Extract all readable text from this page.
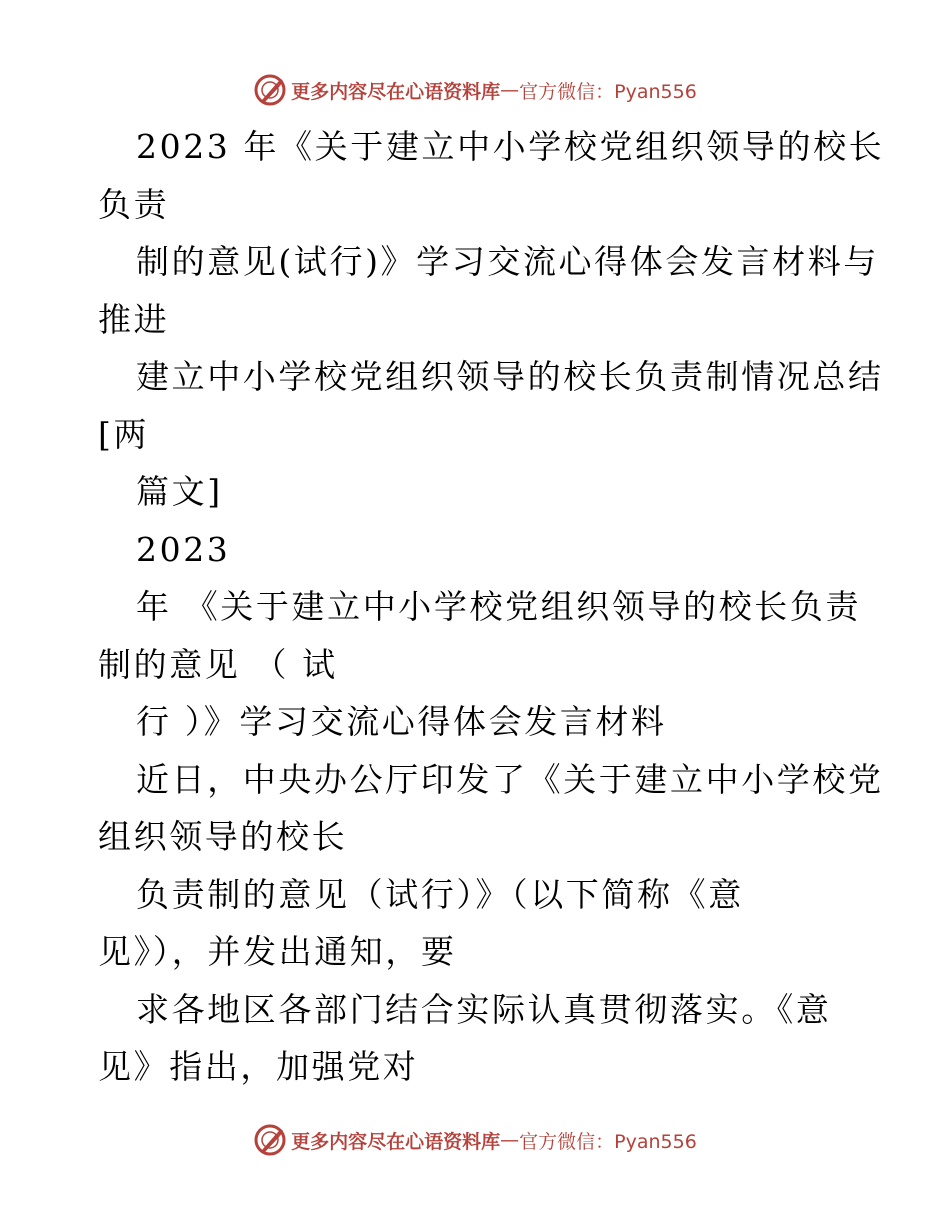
更多内容尽在心语资料库 — 官方微信：Pyan556
2023 年《关于建立中小学校党组织领导的校长
负责
制的意见(试行)》学习交流心得体会发言材料与
推进
建立中小学校党组织领导的校长负责制情况总结
[两
篇文]
2023
年 《关于建立中小学校党组织领导的校长负责
制的意见 （ 试
行 ）》学习交流心得体会发言材料
近日，中央办公厅印发了《关于建立中小学校党
组织领导的校长
负责制的意见（试行）》（以下简称《意
见》），并发出通知，要
求各地区各部门结合实际认真贯彻落实。《意
见》指出，加强党对
更多内容尽在心语资料库 — 官方微信：Pyan556
